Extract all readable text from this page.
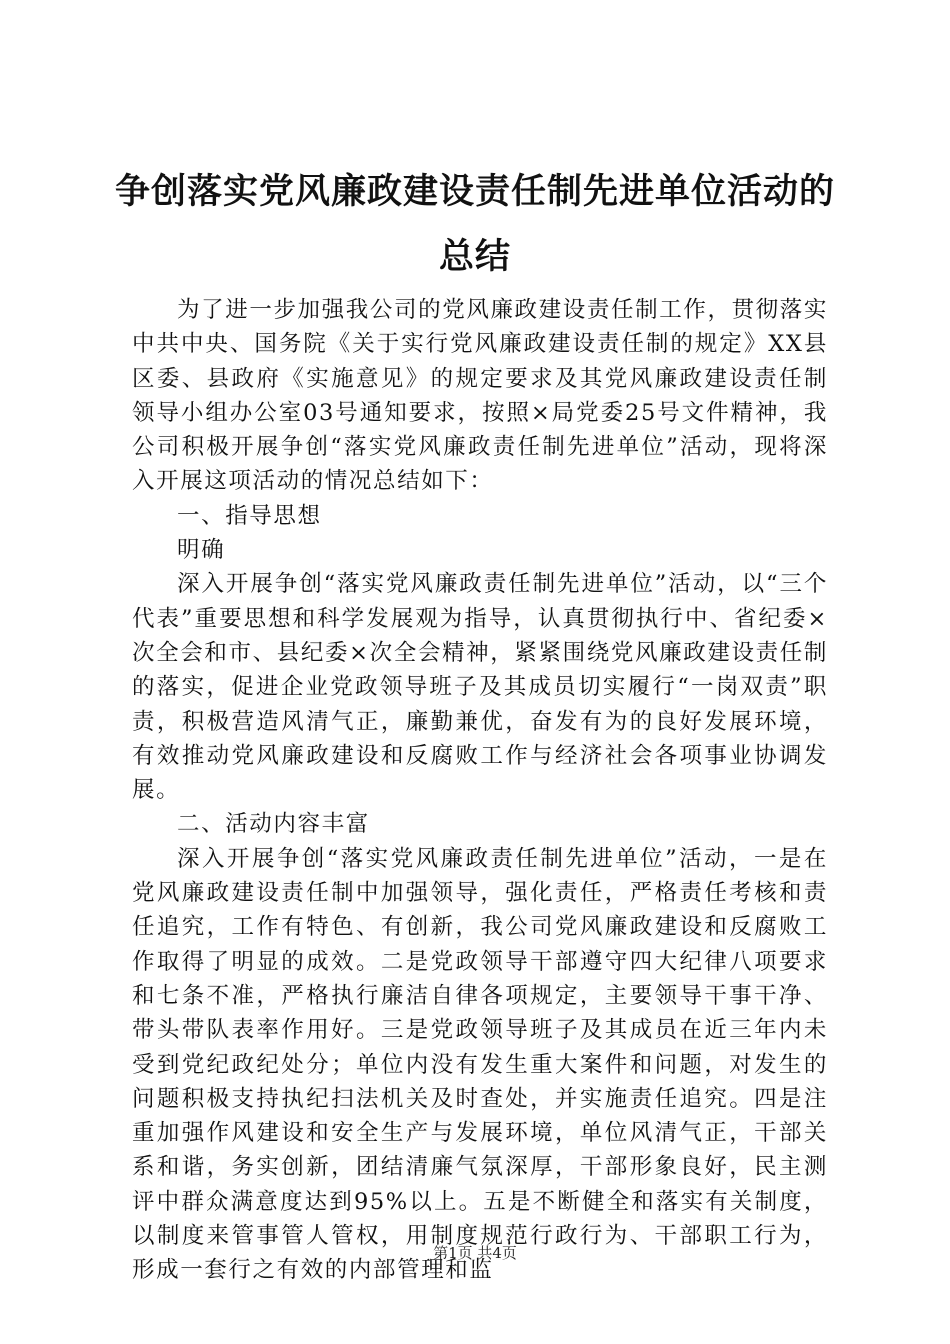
争创落实党风廉政建设责任制先进单位活动的
总结

为了进一步加强我公司的党风廉政建设责任制工作，贯彻落实中共中央、国务院《关于实行党风廉政建设责任制的规定》XX县区委、县政府《实施意见》的规定要求及其党风廉政建设责任制领导小组办公室03号通知要求，按照×局党委25号文件精神，我公司积极开展争创“落实党风廉政责任制先进单位”活动，现将深入开展这项活动的情况总结如下：

一、指导思想

明确

深入开展争创“落实党风廉政责任制先进单位”活动，以“三个代表”重要思想和科学发展观为指导，认真贯彻执行中、省纪委×次全会和市、县纪委×次全会精神，紧紧围绕党风廉政建设责任制的落实，促进企业党政领导班子及其成员切实履行“一岗双责”职责，积极营造风清气正，廉勤兼优，奋发有为的良好发展环境，有效推动党风廉政建设和反腐败工作与经济社会各项事业协调发展。

二、活动内容丰富

深入开展争创“落实党风廉政责任制先进单位”活动，一是在党风廉政建设责任制中加强领导，强化责任，严格责任考核和责任追究，工作有特色、有创新，我公司党风廉政建设和反腐败工作取得了明显的成效。二是党政领导干部遵守四大纪律八项要求和七条不准，严格执行廉洁自律各项规定，主要领导干事干净、带头带队表率作用好。三是党政领导班子及其成员在近三年内未受到党纪政纪处分；单位内没有发生重大案件和问题，对发生的问题积极支持执纪扫法机关及时查处，并实施责任追究。四是注重加强作风建设和安全生产与发展环境，单位风清气正，干部关系和谐，务实创新，团结清廉气氛深厚，干部形象良好，民主测评中群众满意度达到95%以上。五是不断健全和落实有关制度，以制度来管事管人管权，用制度规范行政行为、干部职工行为，形成一套行之有效的内部管理和监

第1页 共4页
